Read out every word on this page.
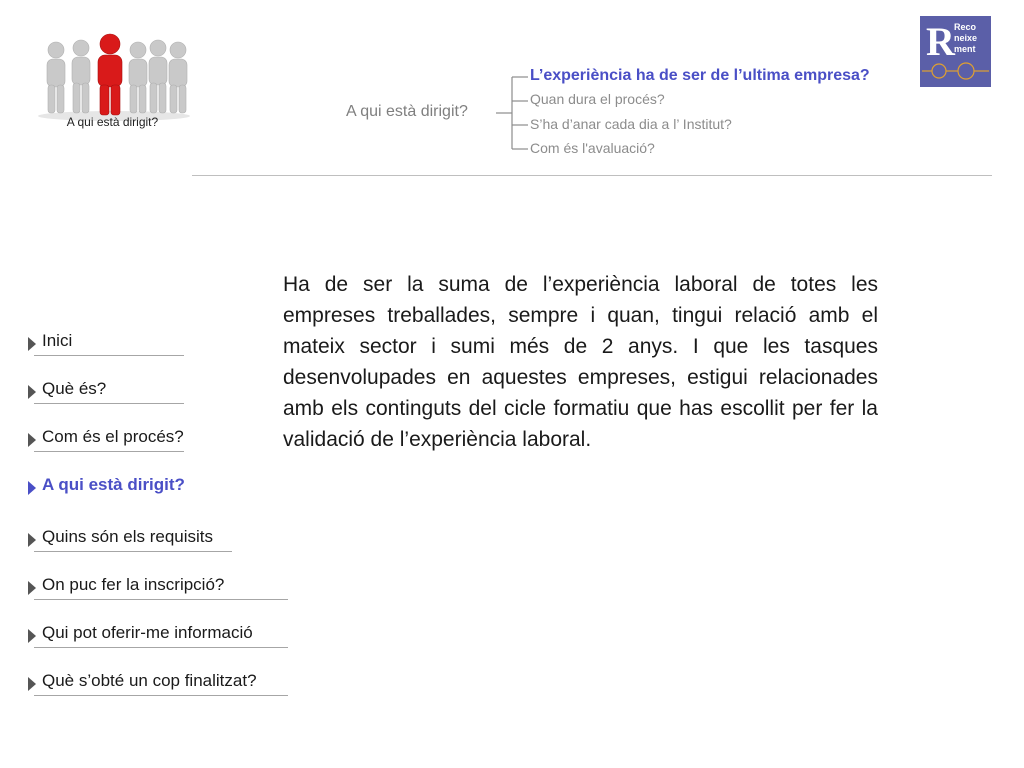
A qui està dirigit?
A qui està dirigit?
L’experiència ha de ser de l’ultima empresa?
Quan dura el procés?
S’ha d’anar cada dia a l’ Institut?
Com és l'avaluació?
R Reco
neixe
ment
Ha de ser la suma de l’experiència laboral de totes les empreses treballades, sempre i quan, tingui relació amb el mateix sector i sumi més de 2 anys. I que les tasques desenvolupades en aquestes empreses, estigui relacionades amb els continguts del cicle formatiu que has escollit per fer la validació de l’experiència laboral.
Inici
Què és?
Com és el procés?
A qui està dirigit?
Quins són els requisits
On puc fer la inscripció?
Qui pot oferir-me informació
Què s’obté un cop finalitzat?
